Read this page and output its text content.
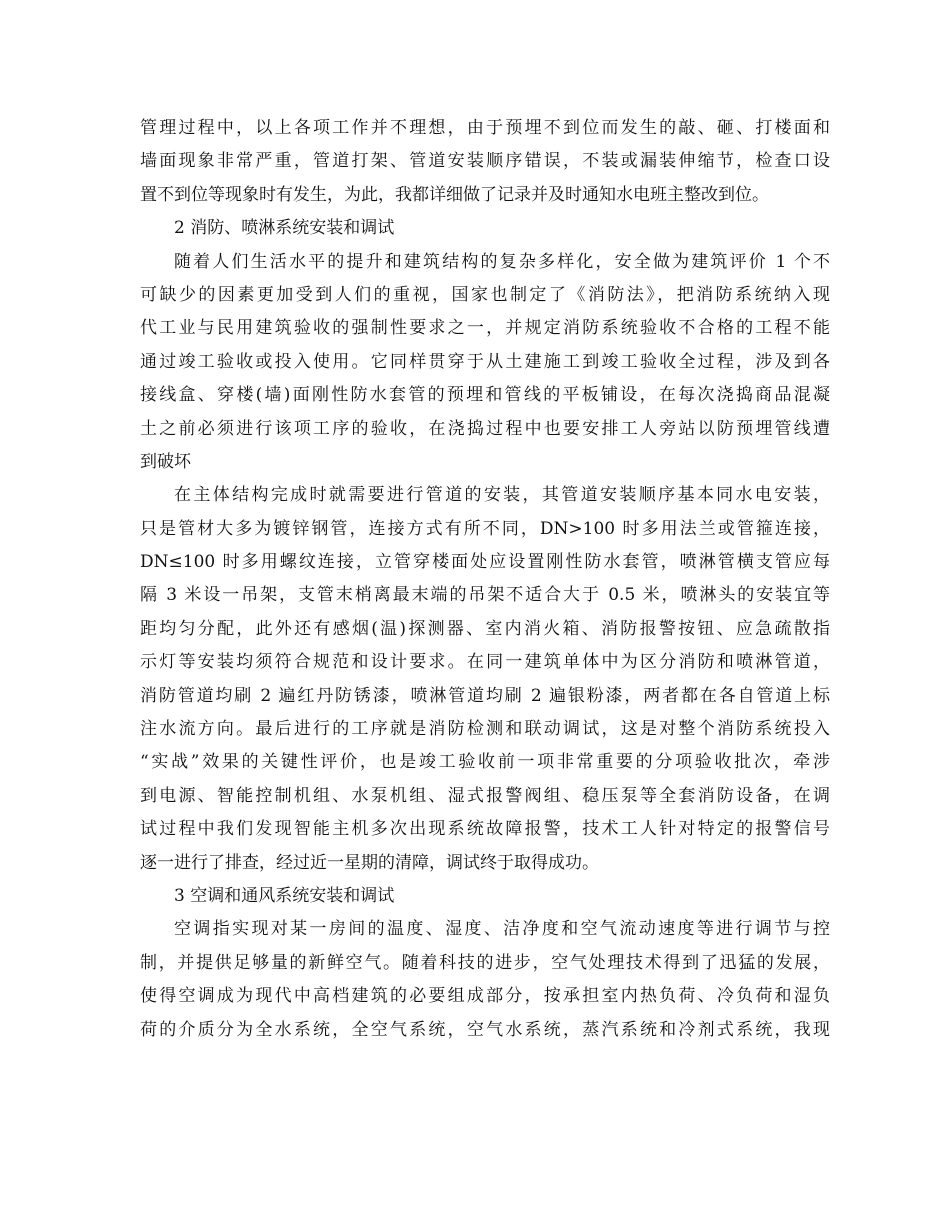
管理过程中，以上各项工作并不理想，由于预埋不到位而发生的敲、砸、打楼面和
墙面现象非常严重，管道打架、管道安装顺序错误，不装或漏装伸缩节，检查口设
置不到位等现象时有发生，为此，我都详细做了记录并及时通知水电班主整改到位。
2 消防、喷淋系统安装和调试
随着人们生活水平的提升和建筑结构的复杂多样化，安全做为建筑评价 1 个不
可缺少的因素更加受到人们的重视，国家也制定了《消防法》，把消防系统纳入现
代工业与民用建筑验收的强制性要求之一，并规定消防系统验收不合格的工程不能
通过竣工验收或投入使用。它同样贯穿于从土建施工到竣工验收全过程，涉及到各
接线盒、穿楼(墙)面刚性防水套管的预埋和管线的平板铺设，在每次浇捣商品混凝
土之前必须进行该项工序的验收，在浇捣过程中也要安排工人旁站以防预埋管线遭
到破坏
在主体结构完成时就需要进行管道的安装，其管道安装顺序基本同水电安装，
只是管材大多为镀锌钢管，连接方式有所不同，DN>100 时多用法兰或管箍连接，
DN≤100 时多用螺纹连接，立管穿楼面处应设置刚性防水套管，喷淋管横支管应每
隔 3 米设一吊架，支管末梢离最末端的吊架不适合大于 0.5 米，喷淋头的安装宜等
距均匀分配，此外还有感烟(温)探测器、室内消火箱、消防报警按钮、应急疏散指
示灯等安装均须符合规范和设计要求。在同一建筑单体中为区分消防和喷淋管道，
消防管道均刷 2 遍红丹防锈漆，喷淋管道均刷 2 遍银粉漆，两者都在各自管道上标
注水流方向。最后进行的工序就是消防检测和联动调试，这是对整个消防系统投入
“实战”效果的关键性评价，也是竣工验收前一项非常重要的分项验收批次，牵涉
到电源、智能控制机组、水泵机组、湿式报警阀组、稳压泵等全套消防设备，在调
试过程中我们发现智能主机多次出现系统故障报警，技术工人针对特定的报警信号
逐一进行了排查，经过近一星期的清障，调试终于取得成功。
3 空调和通风系统安装和调试
空调指实现对某一房间的温度、湿度、洁净度和空气流动速度等进行调节与控
制，并提供足够量的新鲜空气。随着科技的进步，空气处理技术得到了迅猛的发展，
使得空调成为现代中高档建筑的必要组成部分，按承担室内热负荷、冷负荷和湿负
荷的介质分为全水系统，全空气系统，空气水系统，蒸汽系统和冷剂式系统，我现
